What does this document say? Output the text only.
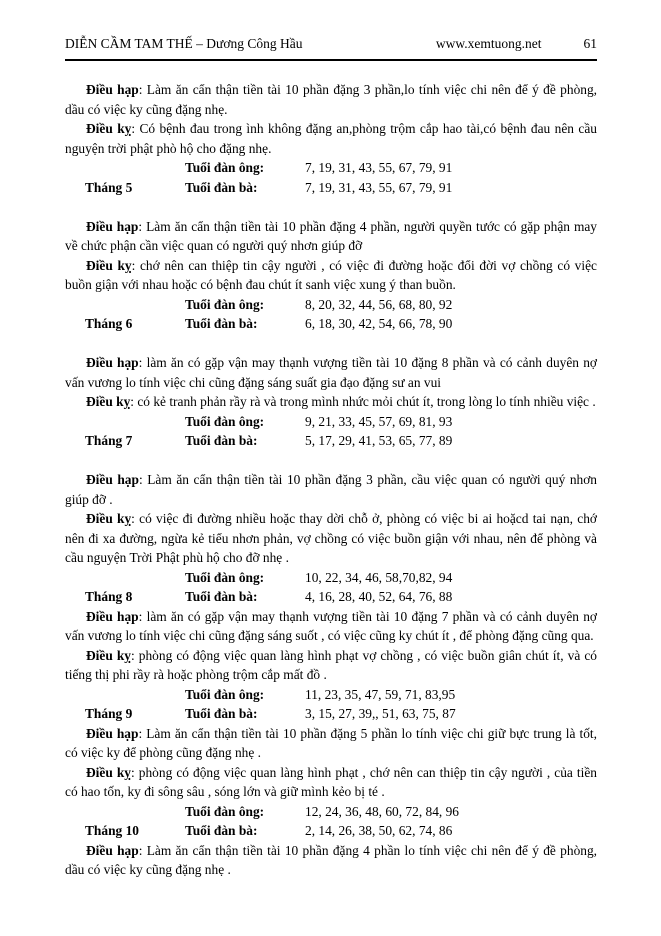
DIỄN CẦM TAM THẾ – Dương Công Hầu	www.xemtuong.net	61

Điều hạp: Làm ăn cẩn thận tiền tài 10 phần đặng 3 phần,lo tính việc chi nên để ý đề phòng, dầu có việc ky cũng đặng nhẹ.

Điều kỵ: Có bệnh đau trong ình không đặng an,phòng trộm cắp hao tài,có bệnh đau nên cầu nguyện trời phật phò hộ cho đặng nhẹ.

Tuổi đàn ông:	7, 19, 31, 43, 55, 67, 79, 91
Tháng 5	Tuổi đàn bà:	7, 19, 31, 43, 55, 67, 79, 91

Điều hạp: Làm ăn cẩn thận tiền tài 10 phần đặng 4 phần, người quyền tước có gặp phận may về chức phận cần việc quan có người quý nhơn giúp đỡ

Điều kỵ: chớ nên can thiệp tin cậy người , có việc đi đường hoặc đổi đời vợ chồng có việc buồn giận với nhau hoặc có bệnh đau chút ít sanh việc xung ý than buồn.

Tuổi đàn ông:	8, 20, 32, 44, 56, 68, 80, 92
Tháng 6	Tuổi đàn bà:	6, 18, 30, 42, 54, 66, 78, 90

Điều hạp: làm ăn có gặp vận may thạnh vượng tiền tài 10 đặng 8 phần và có cảnh duyên nợ vấn vương lo tính việc chi cũng đặng sáng suất gia đạo đặng sư an vui

Điều kỵ: có kẻ tranh phản rầy rà và trong mình nhức mỏi chút ít, trong lòng lo tính nhiều việc .

Tuổi đàn ông:	9, 21, 33, 45, 57, 69, 81, 93
Tháng 7	Tuổi đàn bà:	5, 17, 29, 41, 53, 65, 77, 89

Điều hạp: Làm ăn cẩn thận tiền tài 10 phần đặng 3 phần, cầu việc quan có người quý nhơn giúp đỡ .

Điều kỵ: có việc đi đường nhiều hoặc thay dời chỗ ở, phòng có việc bi ai hoặcd tai nạn, chớ nên đi xa đường, ngừa kẻ tiểu nhơn phản, vợ chồng có việc buồn giận với nhau, nên để phòng và cầu nguyện Trời Phật phù hộ cho đỡ nhẹ .

Tuổi đàn ông:	10, 22, 34, 46, 58,70,82, 94
Tháng 8	Tuổi đàn bà:	4, 16, 28, 40, 52, 64, 76, 88

Điều hạp: làm ăn có gặp vận may thạnh vượng tiền tài 10 đặng 7 phần và có cảnh duyên nợ vấn vương lo tính việc chi cũng đặng sáng suốt , có việc cũng ky chút ít , để phòng đặng cũng qua.

Điều kỵ: phòng có động việc quan làng hình phạt vợ chồng , có việc buồn giân chút ít, và có tiếng thị phi rầy rà hoặc phòng trộm cắp mất đồ .

Tuổi đàn ông:	11, 23, 35, 47, 59, 71, 83,95
Tháng 9	Tuổi đàn bà:	3, 15, 27, 39,, 51, 63, 75, 87

Điều hạp: Làm ăn cẩn thận tiền tài 10 phần đặng 5 phần lo tính việc chi giữ bực trung là tốt, có việc ky để phòng cũng đặng nhẹ .

Điều kỵ: phòng có động việc quan làng hình phạt , chớ nên can thiệp tin cậy người , của tiền có hao tốn, ky đi sông sâu , sóng lớn và giữ mình kẻo bị té .

Tuổi đàn ông:	12, 24, 36, 48, 60, 72, 84, 96
Tháng 10	Tuổi đàn bà:	2, 14, 26, 38, 50, 62, 74, 86

Điều hạp: Làm ăn cẩn thận tiền tài 10 phần đặng 4 phần lo tính việc chi nên để ý đề phòng, dầu có việc ky cũng đặng nhẹ .
